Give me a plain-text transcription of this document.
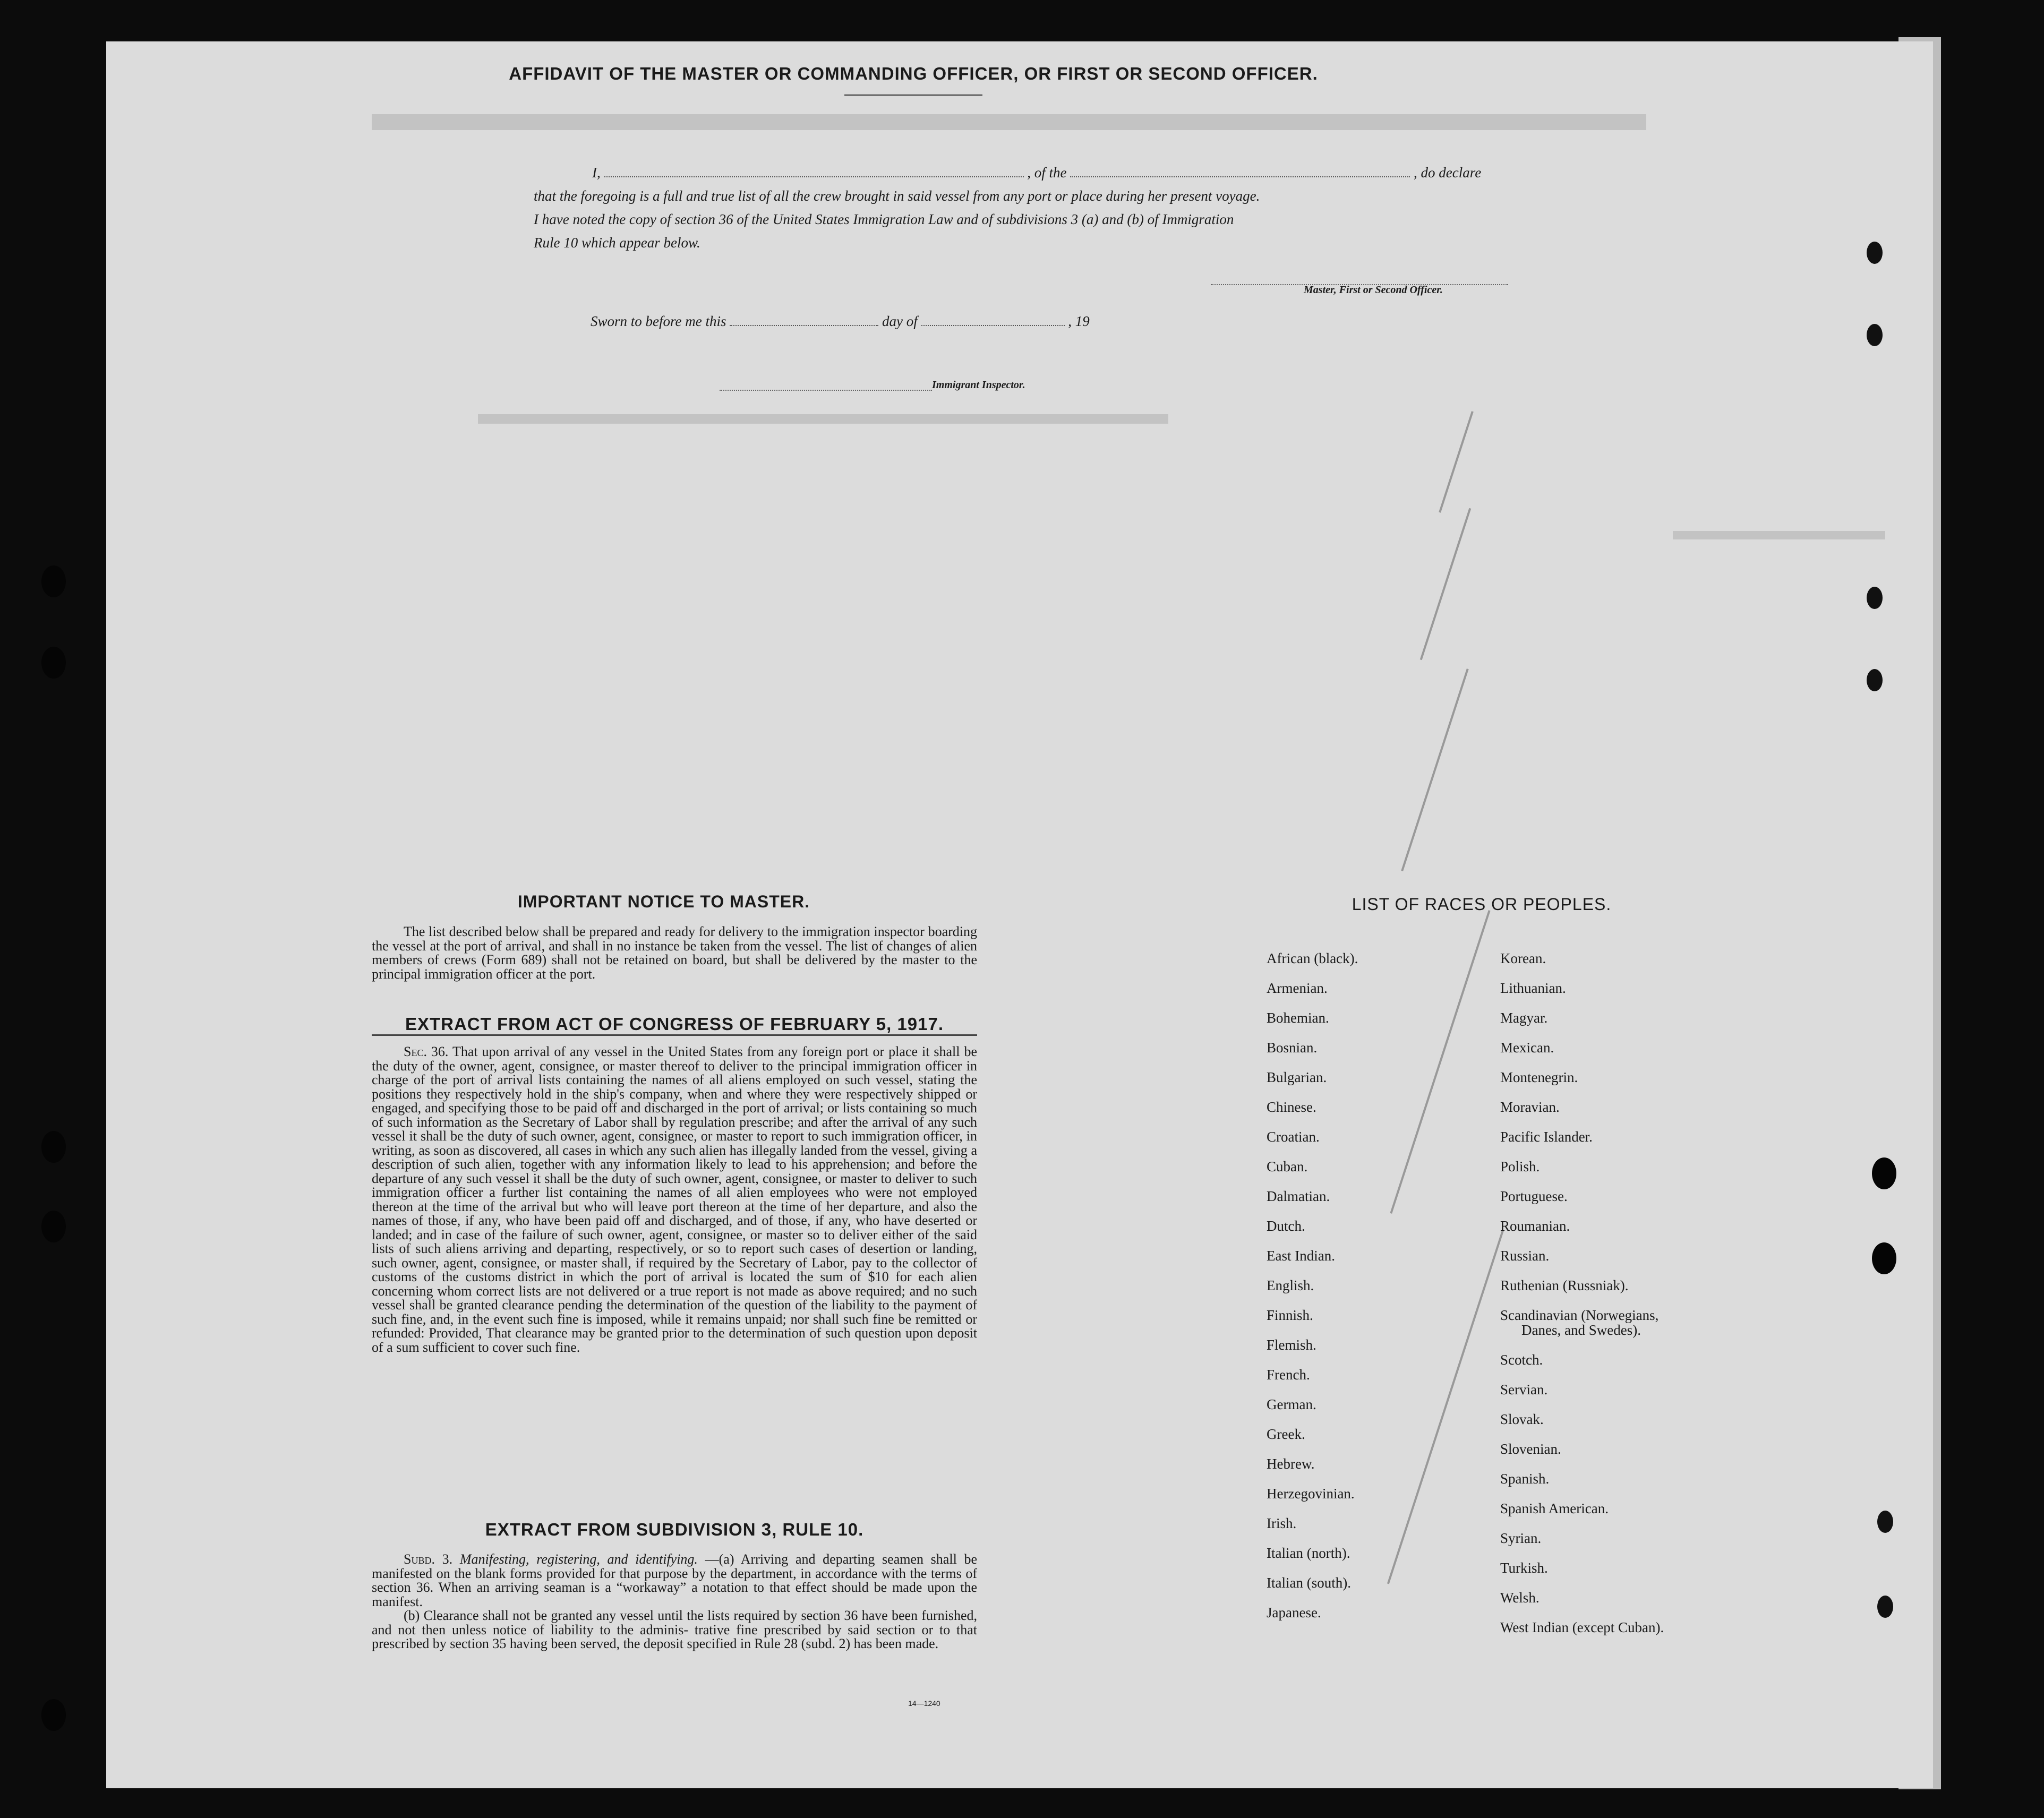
AFFIDAVIT OF THE MASTER OR COMMANDING OFFICER, OR FIRST OR SECOND OFFICER.
I,	, of the	, do declare
that the foregoing is a full and true list of all the crew brought in said vessel from any port or place during her present voyage.
I have noted the copy of section 36 of the United States Immigration Law and of subdivisions 3 (a) and (b) of Immigration
Rule 10 which appear below.
Master, First or Second Officer.
Sworn to before me this	day of	, 19
Immigrant Inspector.
IMPORTANT NOTICE TO MASTER.
The list described below shall be prepared and ready for delivery to the immigration inspector boarding the vessel at the port of arrival, and shall in no instance be taken from the vessel. The list of changes of alien members of crews (Form 689) shall not be retained on board, but shall be delivered by the master to the principal immigration officer at the port.
EXTRACT FROM ACT OF CONGRESS OF FEBRUARY 5, 1917.
Sec. 36. That upon arrival of any vessel in the United States from any foreign port or place it shall be the duty of the owner, agent, consignee, or master thereof to deliver to the principal immigration officer in charge of the port of arrival lists containing the names of all aliens employed on such vessel, stating the positions they respectively hold in the ship's company, when and where they were respectively shipped or engaged, and specifying those to be paid off and discharged in the port of arrival; or lists containing so much of such information as the Secretary of Labor shall by regulation prescribe; and after the arrival of any such vessel it shall be the duty of such owner, agent, consignee, or master to report to such immigration officer, in writing, as soon as discovered, all cases in which any such alien has illegally landed from the vessel, giving a description of such alien, together with any information likely to lead to his apprehension; and before the departure of any such vessel it shall be the duty of such owner, agent, consignee, or master to deliver to such immigration officer a further list containing the names of all alien employees who were not employed thereon at the time of the arrival but who will leave port thereon at the time of her departure, and also the names of those, if any, who have been paid off and discharged, and of those, if any, who have deserted or landed; and in case of the failure of such owner, agent, consignee, or master so to deliver either of the said lists of such aliens arriving and departing, respectively, or so to report such cases of desertion or landing, such owner, agent, consignee, or master shall, if required by the Secretary of Labor, pay to the collector of customs of the customs district in which the port of arrival is located the sum of $10 for each alien concerning whom correct lists are not delivered or a true report is not made as above required; and no such vessel shall be granted clearance pending the determination of the question of the liability to the payment of such fine, and, in the event such fine is imposed, while it remains unpaid; nor shall such fine be remitted or refunded: Provided, That clearance may be granted prior to the determination of such question upon deposit of a sum sufficient to cover such fine.
EXTRACT FROM SUBDIVISION 3, RULE 10.
Subd. 3. Manifesting, registering, and identifying. —(a) Arriving and departing seamen shall be manifested on the blank forms provided for that purpose by the department, in accordance with the terms of section 36. When an arriving seaman is a “workaway” a notation to that effect should be made upon the manifest.
(b) Clearance shall not be granted any vessel until the lists required by section 36 have been furnished, and not then unless notice of liability to the adminis- trative fine prescribed by said section or to that prescribed by section 35 having been served, the deposit specified in Rule 28 (subd. 2) has been made.
14—1240
LIST OF RACES OR PEOPLES.
African (black).
Armenian.
Bohemian.
Bosnian.
Bulgarian.
Chinese.
Croatian.
Cuban.
Dalmatian.
Dutch.
East Indian.
English.
Finnish.
Flemish.
French.
German.
Greek.
Hebrew.
Herzegovinian.
Irish.
Italian (north).
Italian (south).
Japanese.
Korean.
Lithuanian.
Magyar.
Mexican.
Montenegrin.
Moravian.
Pacific Islander.
Polish.
Portuguese.
Roumanian.
Russian.
Ruthenian (Russniak).
Scandinavian (Norwegians,
Danes, and Swedes).
Scotch.
Servian.
Slovak.
Slovenian.
Spanish.
Spanish American.
Syrian.
Turkish.
Welsh.
West Indian (except Cuban).
